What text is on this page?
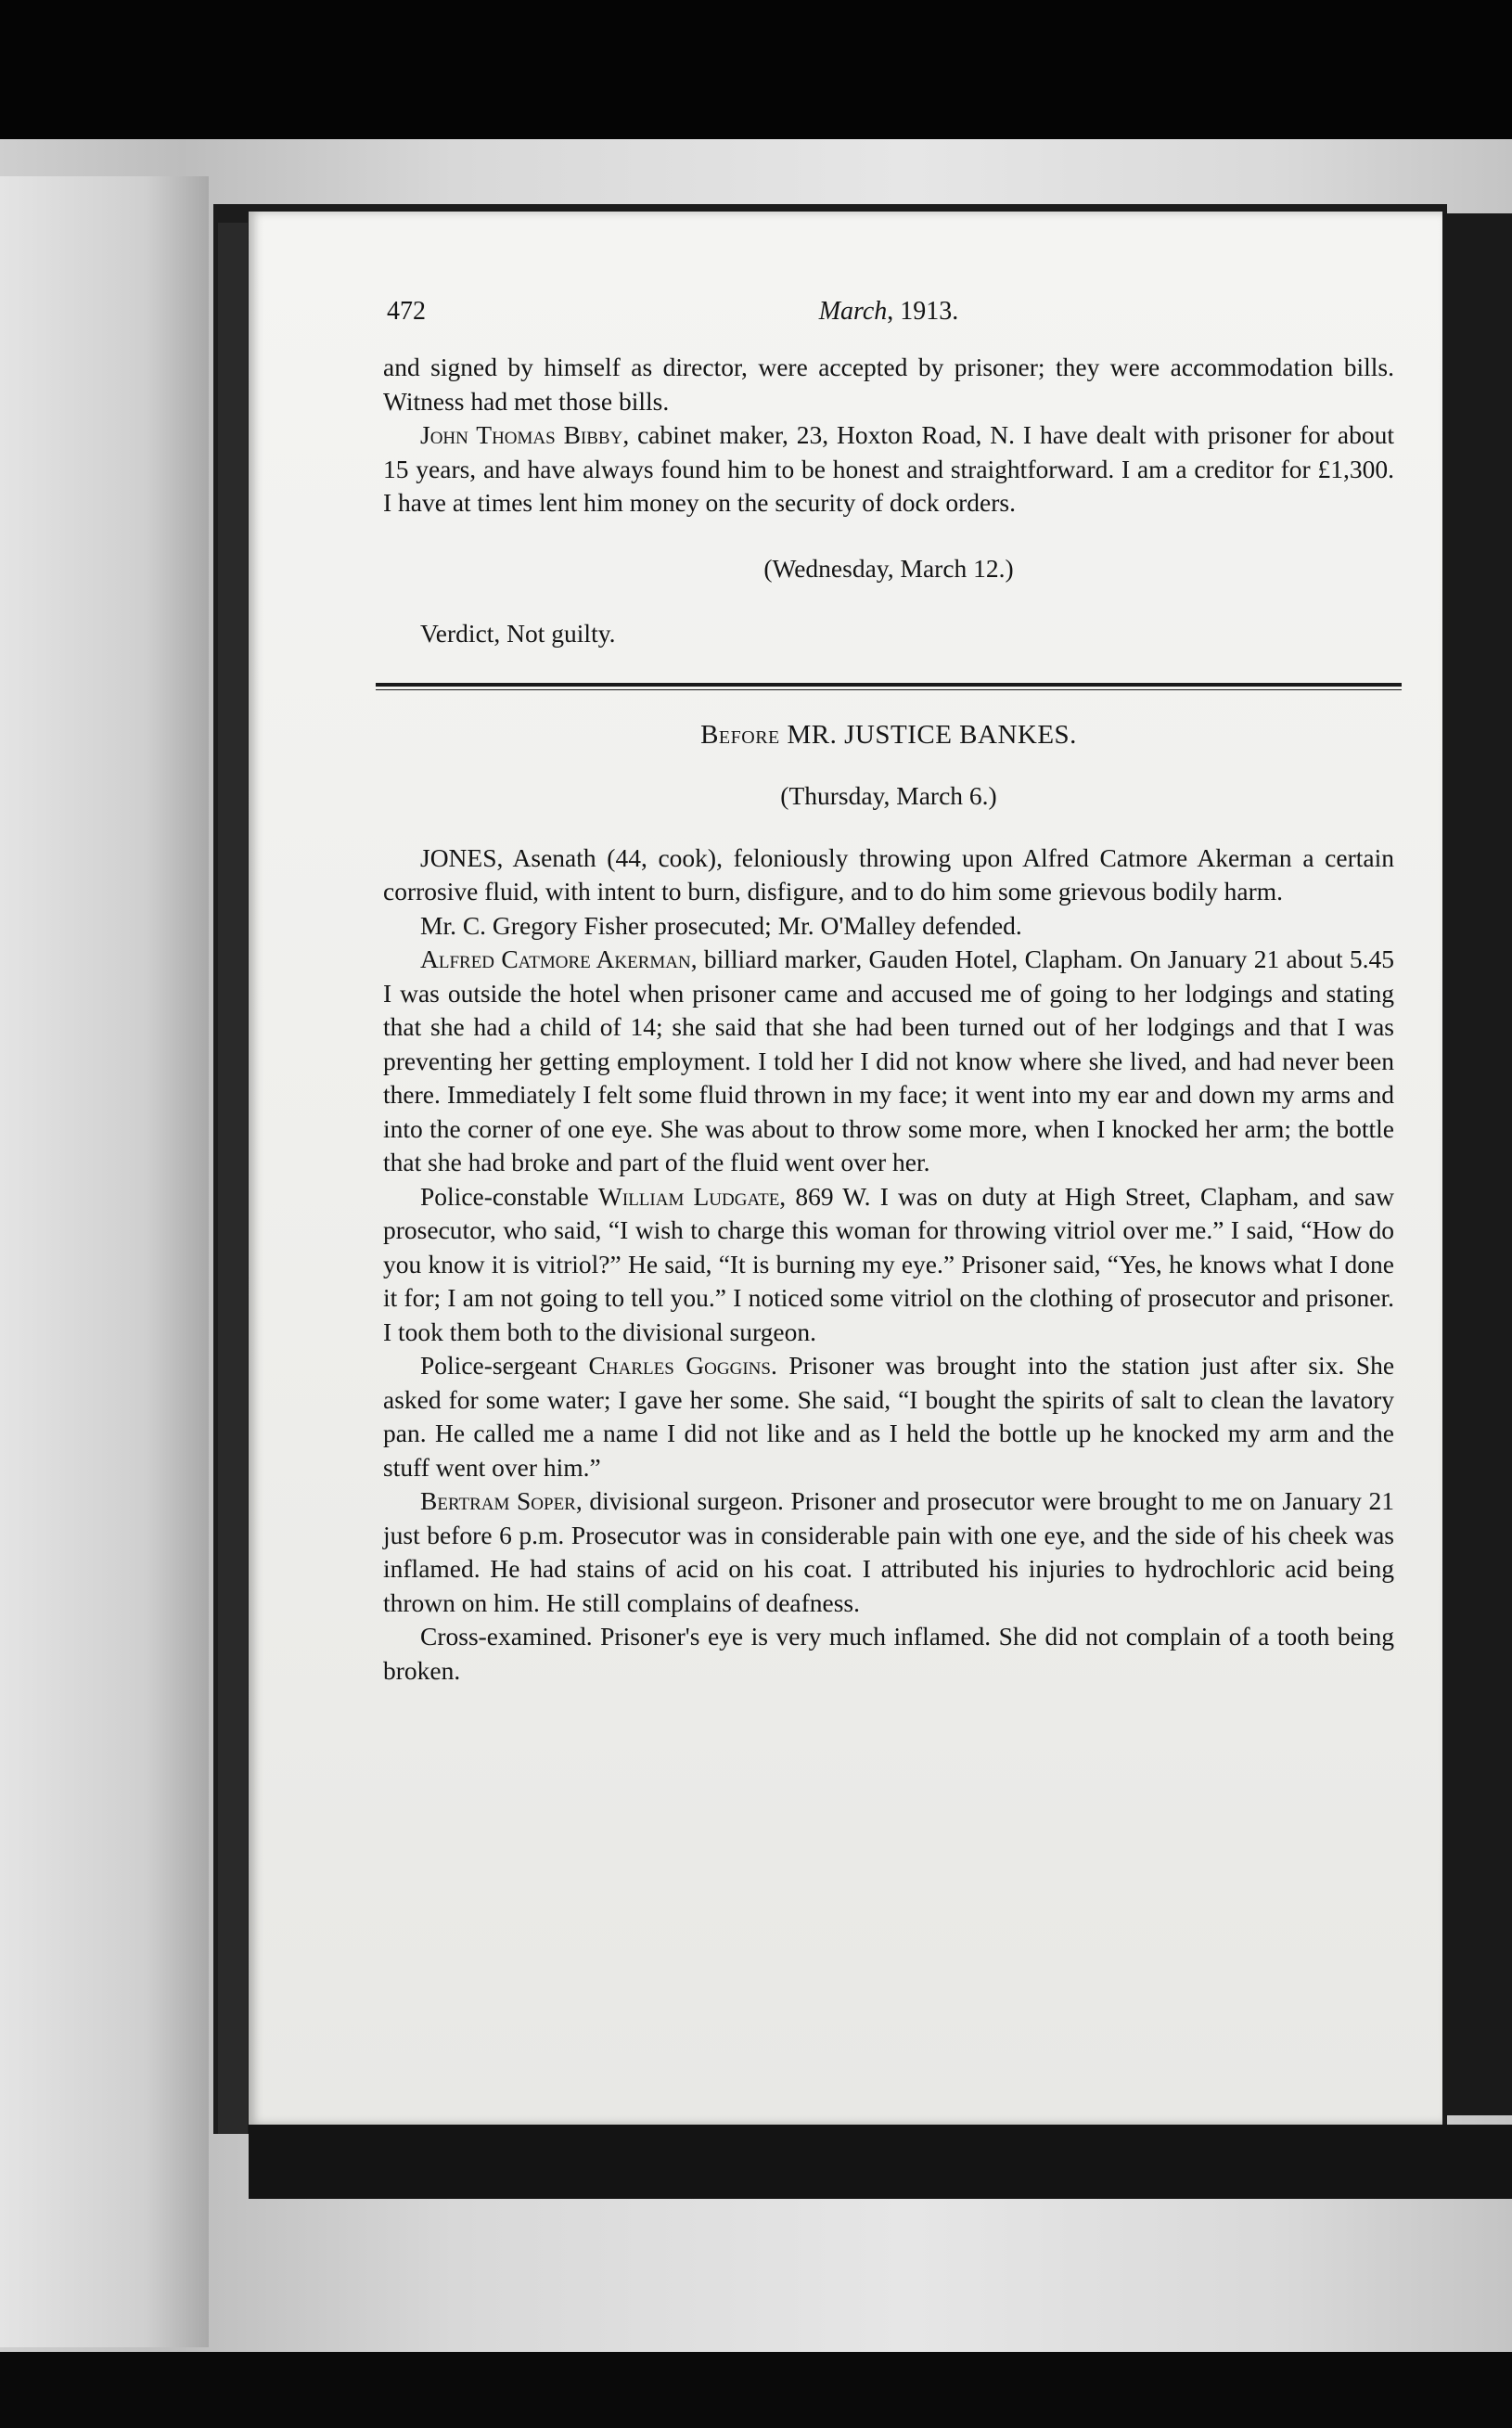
472	March, 1913.

and signed by himself as director, were accepted by prisoner; they were accommodation bills. Witness had met those bills.

John Thomas Bibby, cabinet maker, 23, Hoxton Road, N. I have dealt with prisoner for about 15 years, and have always found him to be honest and straightforward. I am a creditor for £1,300. I have at times lent him money on the security of dock orders.

(Wednesday, March 12.)

Verdict, Not guilty.

Before MR. JUSTICE BANKES.

(Thursday, March 6.)

JONES, Asenath (44, cook), feloniously throwing upon Alfred Catmore Akerman a certain corrosive fluid, with intent to burn, disfigure, and to do him some grievous bodily harm.

Mr. C. Gregory Fisher prosecuted; Mr. O'Malley defended.

Alfred Catmore Akerman, billiard marker, Gauden Hotel, Clapham. On January 21 about 5.45 I was outside the hotel when prisoner came and accused me of going to her lodgings and stating that she had a child of 14; she said that she had been turned out of her lodgings and that I was preventing her getting employment. I told her I did not know where she lived, and had never been there. Immediately I felt some fluid thrown in my face; it went into my ear and down my arms and into the corner of one eye. She was about to throw some more, when I knocked her arm; the bottle that she had broke and part of the fluid went over her.

Police-constable William Ludgate, 869 W. I was on duty at High Street, Clapham, and saw prosecutor, who said, “I wish to charge this woman for throwing vitriol over me.” I said, “How do you know it is vitriol?” He said, “It is burning my eye.” Prisoner said, “Yes, he knows what I done it for; I am not going to tell you.” I noticed some vitriol on the clothing of prosecutor and prisoner. I took them both to the divisional surgeon.

Police-sergeant Charles Goggins. Prisoner was brought into the station just after six. She asked for some water; I gave her some. She said, “I bought the spirits of salt to clean the lavatory pan. He called me a name I did not like and as I held the bottle up he knocked my arm and the stuff went over him.”

Bertram Soper, divisional surgeon. Prisoner and prosecutor were brought to me on January 21 just before 6 p.m. Prosecutor was in considerable pain with one eye, and the side of his cheek was inflamed. He had stains of acid on his coat. I attributed his injuries to hydrochloric acid being thrown on him. He still complains of deafness.

Cross-examined. Prisoner's eye is very much inflamed. She did not complain of a tooth being broken.
